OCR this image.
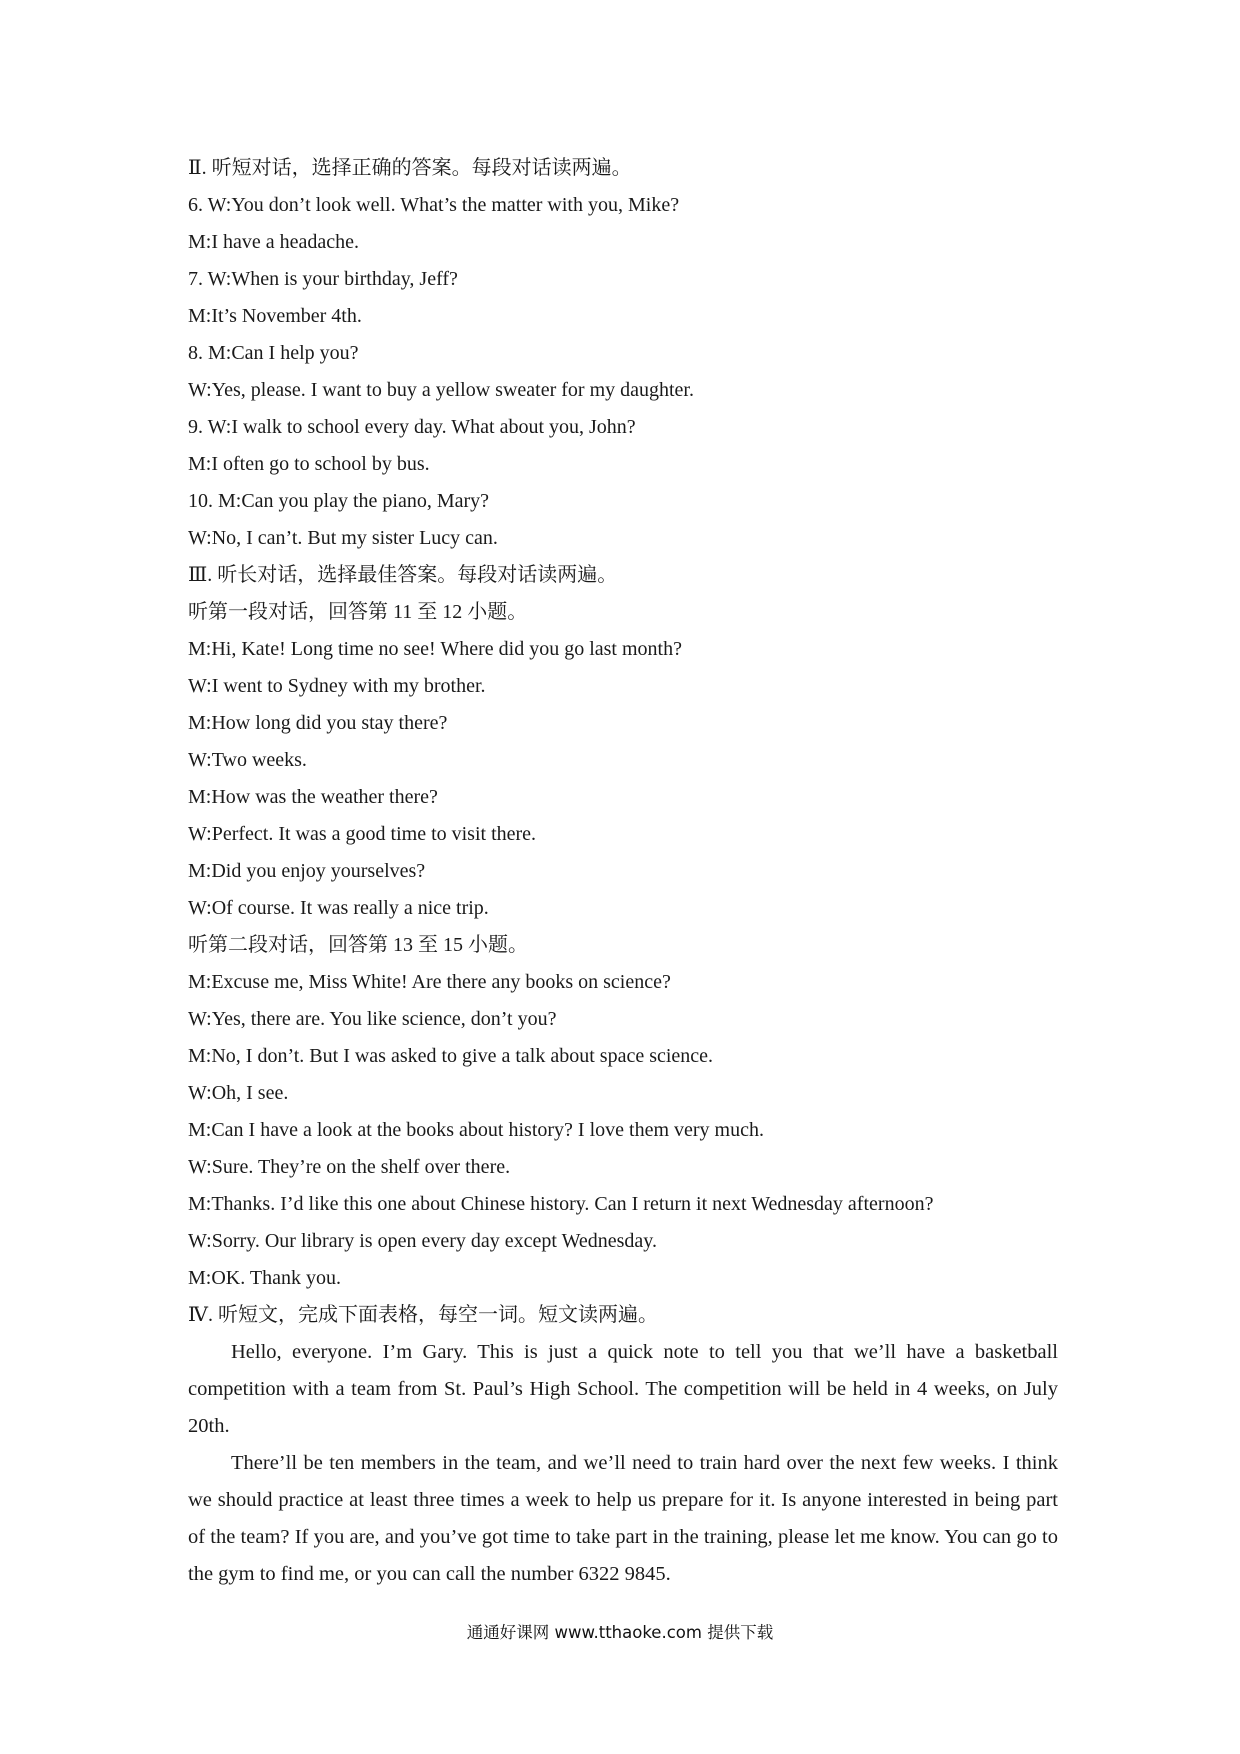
Ⅱ. 听短对话，选择正确的答案。每段对话读两遍。
6. W:You don’t look well. What’s the matter with you, Mike?
M:I have a headache.
7. W:When is your birthday, Jeff?
M:It’s November 4th.
8. M:Can I help you?
W:Yes, please. I want to buy a yellow sweater for my daughter.
9. W:I walk to school every day. What about you, John?
M:I often go to school by bus.
10. M:Can you play the piano, Mary?
W:No, I can’t. But my sister Lucy can.
Ⅲ. 听长对话，选择最佳答案。每段对话读两遍。
听第一段对话，回答第 11 至 12 小题。
M:Hi, Kate! Long time no see! Where did you go last month?
W:I went to Sydney with my brother.
M:How long did you stay there?
W:Two weeks.
M:How was the weather there?
W:Perfect. It was a good time to visit there.
M:Did you enjoy yourselves?
W:Of course. It was really a nice trip.
听第二段对话，回答第 13 至 15 小题。
M:Excuse me, Miss White! Are there any books on science?
W:Yes, there are. You like science, don’t you?
M:No, I don’t. But I was asked to give a talk about space science.
W:Oh, I see.
M:Can I have a look at the books about history? I love them very much.
W:Sure. They’re on the shelf over there.
M:Thanks. I’d like this one about Chinese history. Can I return it next Wednesday afternoon?
W:Sorry. Our library is open every day except Wednesday.
M:OK. Thank you.
Ⅳ. 听短文，完成下面表格，每空一词。短文读两遍。

Hello, everyone. I’m Gary. This is just a quick note to tell you that we’ll have a basketball competition with a team from St. Paul’s High School. The competition will be held in 4 weeks, on July 20th.

There’ll be ten members in the team, and we’ll need to train hard over the next few weeks. I think we should practice at least three times a week to help us prepare for it. Is anyone interested in being part of the team? If you are, and you’ve got time to take part in the training, please let me know. You can go to the gym to find me, or you can call the number 6322 9845.

通通好课网 www.tthaoke.com 提供下载
